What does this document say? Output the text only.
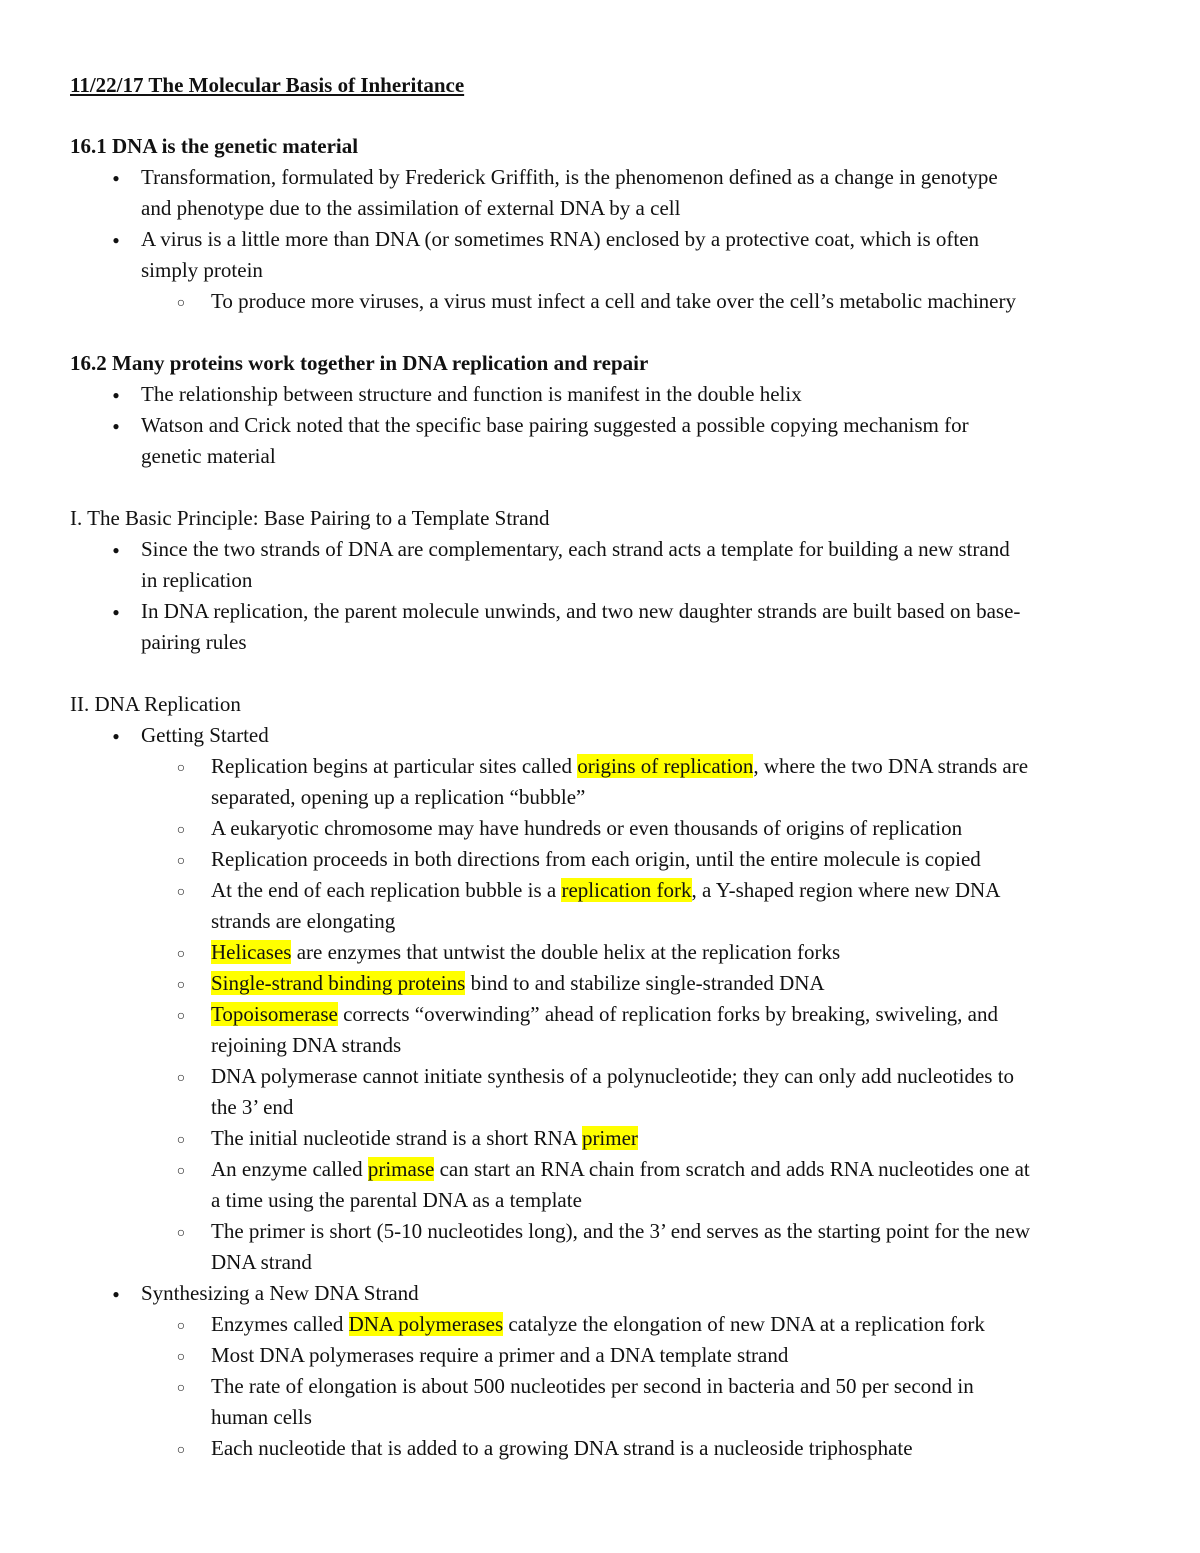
11/22/17 The Molecular Basis of Inheritance
16.1 DNA is the genetic material
●
Transformation, formulated by Frederick Griffith, is the phenomenon defined as a change in genotype
and phenotype due to the assimilation of external DNA by a cell
●
A virus is a little more than DNA (or sometimes RNA) enclosed by a protective coat, which is often
simply protein
○
To produce more viruses, a virus must infect a cell and take over the cell’s metabolic machinery
16.2 Many proteins work together in DNA replication and repair
●
The relationship between structure and function is manifest in the double helix
●
Watson and Crick noted that the specific base pairing suggested a possible copying mechanism for
genetic material
I. The Basic Principle: Base Pairing to a Template Strand
●
Since the two strands of DNA are complementary, each strand acts a template for building a new strand
in replication
●
In DNA replication, the parent molecule unwinds, and two new daughter strands are built based on base-
pairing rules
II. DNA Replication
●
Getting Started
○
Replication begins at particular sites called origins of replication, where the two DNA strands are
separated, opening up a replication “bubble”
○
A eukaryotic chromosome may have hundreds or even thousands of origins of replication
○
Replication proceeds in both directions from each origin, until the entire molecule is copied
○
At the end of each replication bubble is a replication fork, a Y-shaped region where new DNA
strands are elongating
○
Helicases are enzymes that untwist the double helix at the replication forks
○
Single-strand binding proteins bind to and stabilize single-stranded DNA
○
Topoisomerase corrects “overwinding” ahead of replication forks by breaking, swiveling, and
rejoining DNA strands
○
DNA polymerase cannot initiate synthesis of a polynucleotide; they can only add nucleotides to
the 3’ end
○
The initial nucleotide strand is a short RNA primer
○
An enzyme called primase can start an RNA chain from scratch and adds RNA nucleotides one at
a time using the parental DNA as a template
○
The primer is short (5-10 nucleotides long), and the 3’ end serves as the starting point for the new
DNA strand
●
Synthesizing a New DNA Strand
○
Enzymes called DNA polymerases catalyze the elongation of new DNA at a replication fork
○
Most DNA polymerases require a primer and a DNA template strand
○
The rate of elongation is about 500 nucleotides per second in bacteria and 50 per second in
human cells
○
Each nucleotide that is added to a growing DNA strand is a nucleoside triphosphate
